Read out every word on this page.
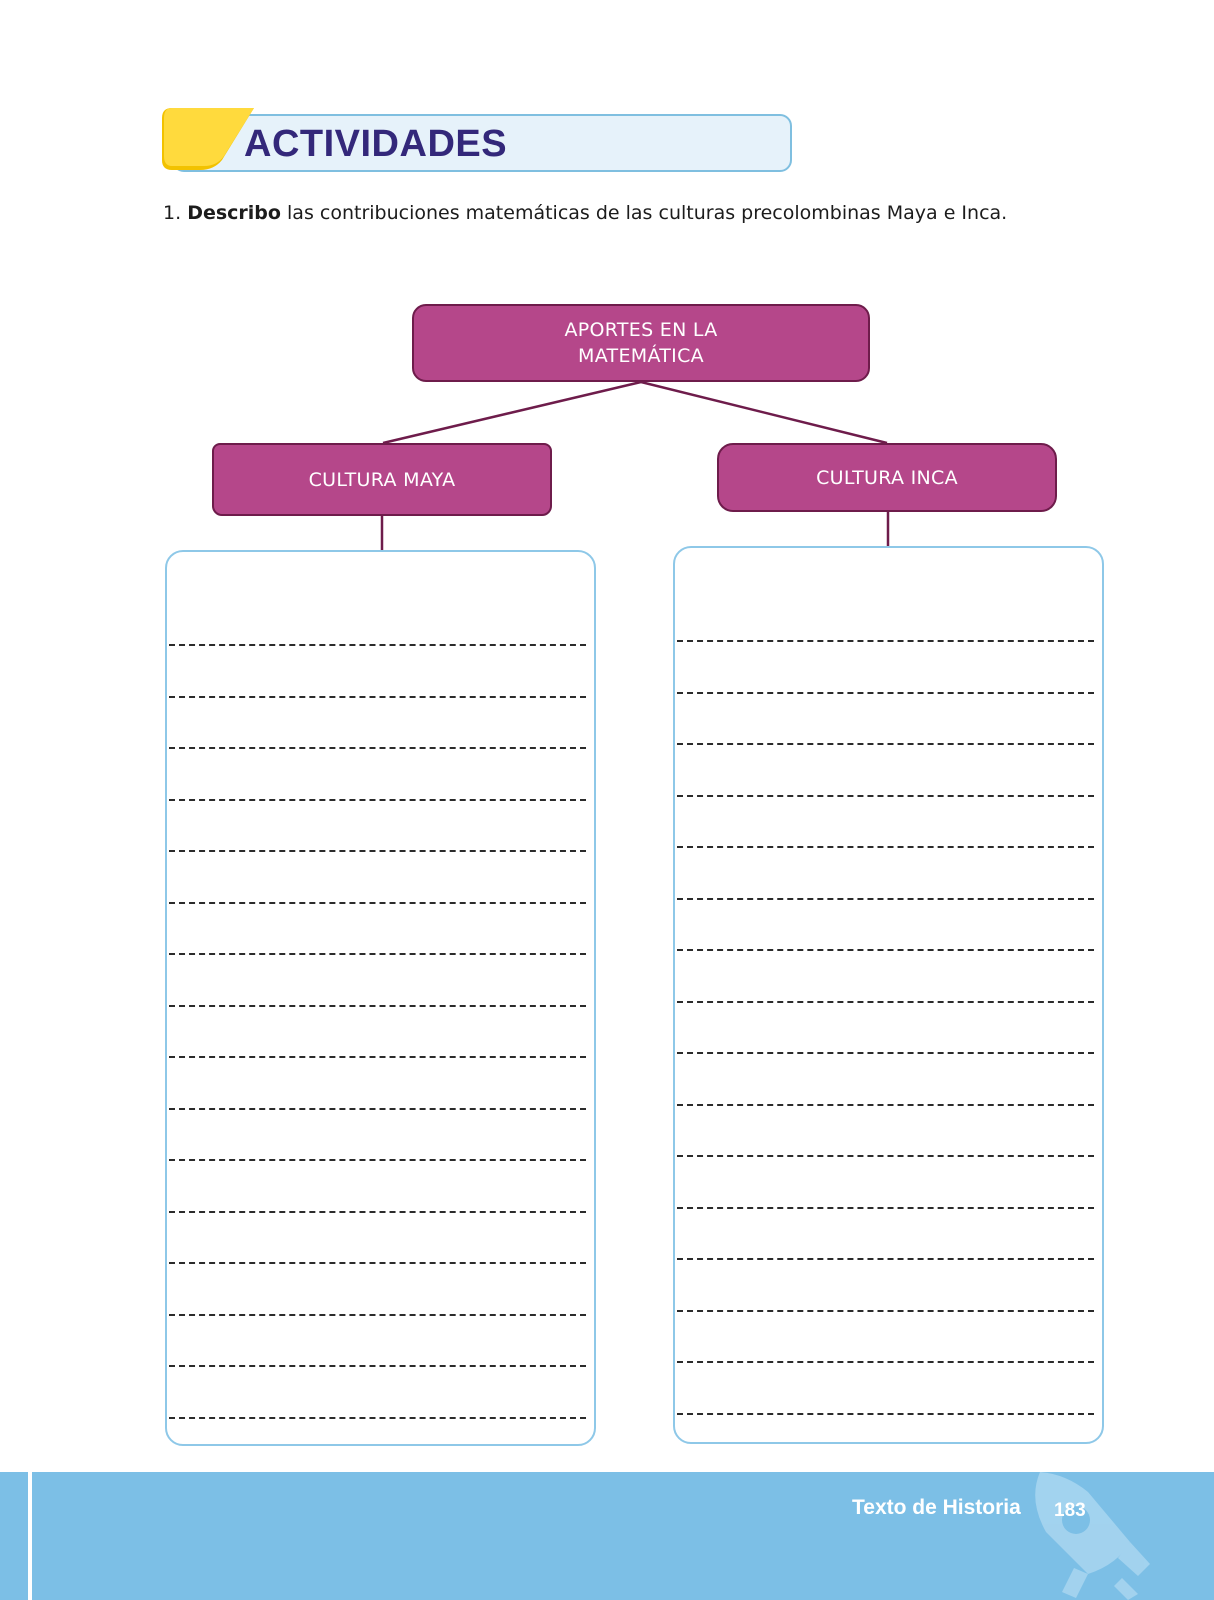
ACTIVIDADES

1. Describo las contribuciones matemáticas de las culturas precolombinas Maya e Inca.

APORTES EN LA MATEMÁTICA
CULTURA MAYA	CULTURA INCA
Texto de Historia 183
